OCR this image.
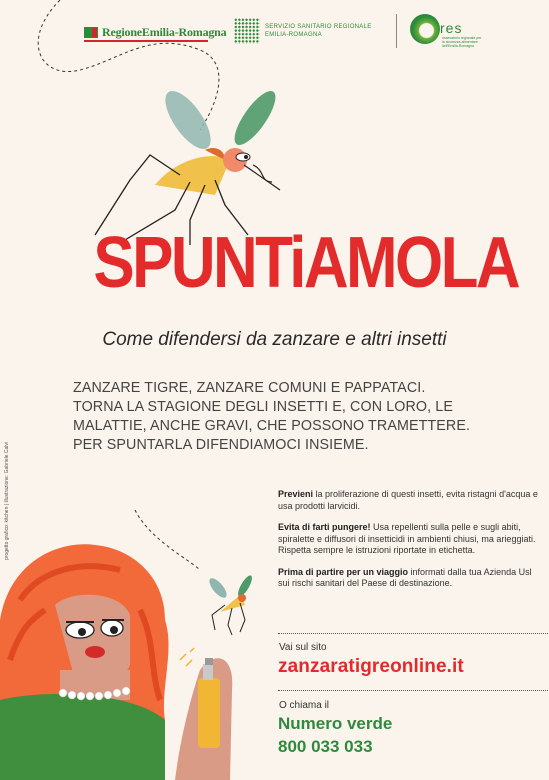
RegioneEmilia-Romagna	SERVIZIO SANITARIO REGIONALE
EMILIA-ROMAGNA	res
ossevatorio regionale per la sicurezza alimentare dell'Emilia-Romagna
progetto grafico: kitchen | illustrazione: Gabriele Calvi
SPUNTiAMOLA
Come difendersi da zanzare e altri insetti
ZANZARE TIGRE, ZANZARE COMUNI E PAPPATACI.
TORNA LA STAGIONE DEGLI INSETTI E, CON LORO, LE
MALATTIE, ANCHE GRAVI, CHE POSSONO TRAMETTERE.
PER SPUNTARLA DIFENDIAMOCI INSIEME.

Previeni la proliferazione di questi insetti, evita ristagni d'acqua e usa prodotti larvicidi.

Evita di farti pungere! Usa repellenti sulla pelle e sugli abiti, spiralette e diffusori di insetticidi in ambienti chiusi, ma arieggiati. Rispetta sempre le istruzioni riportate in etichetta.

Prima di partire per un viaggio informati dalla tua Azienda Usl sui rischi sanitari del Paese di destinazione.

Vai sul sito
zanzaratigreonline.it
O chiama il
Numero verde
800 033 033
